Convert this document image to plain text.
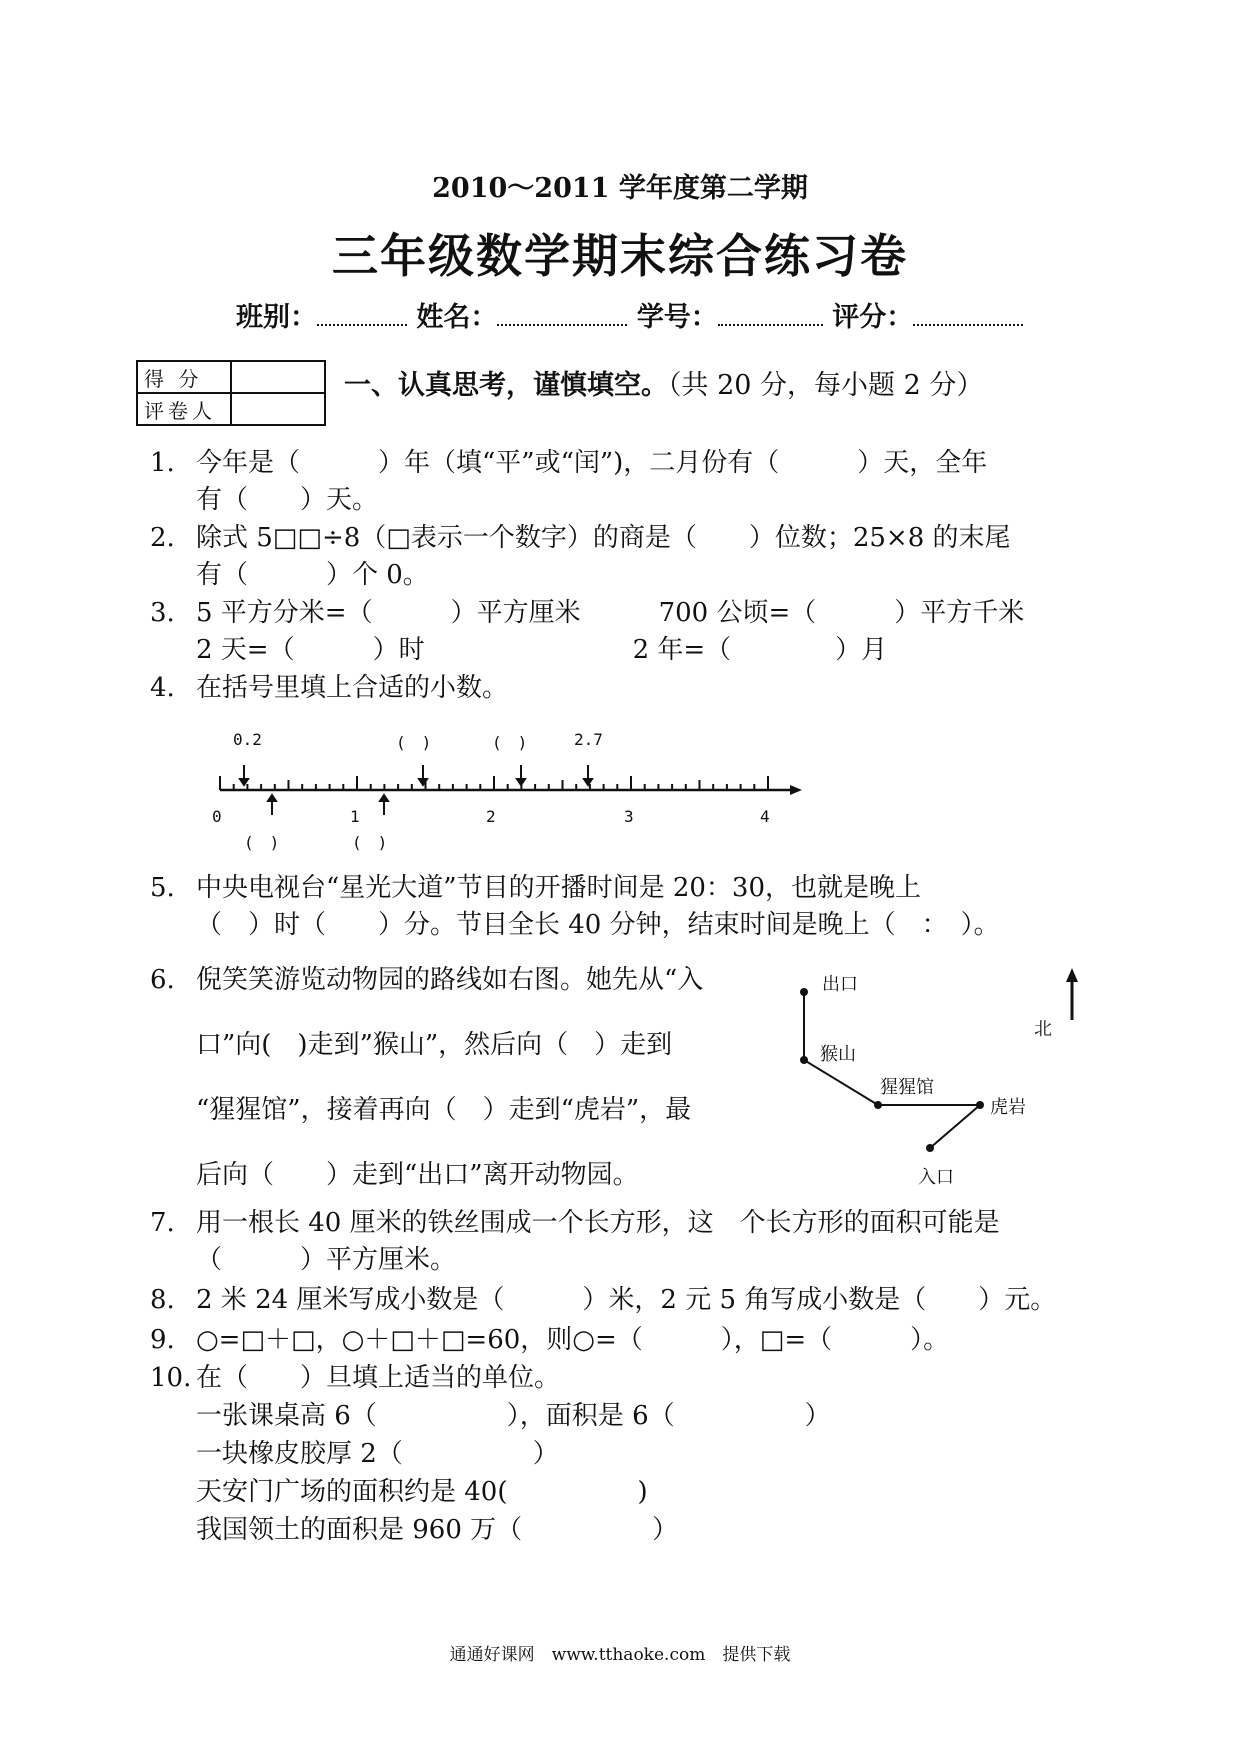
2010～2011 学年度第二学期
三年级数学期末综合练习卷
班别：	姓名：	学号：	评分：
得 分	
评卷人	
一、认真思考，谨慎填空。（共 20 分，每小题 2 分）
1. 今年是（　　　）年（填“平”或“闰”)，二月份有（　　　）天，全年
有（　　）天。
2. 除式 5□□÷8（□表示一个数字）的商是（　　）位数；25×8 的末尾
有（　　　）个 0。
3. 5 平方分米=（　　　）平方厘米　　　700 公顷=（　　　）平方千米
2 天=（　　　）时　　　　　　　　2 年=（　　　　）月
4. 在括号里填上合适的小数。
0.2	(　)	(　)	2.7
0	1	2	3	4
(　)	(　)
5. 中央电视台“星光大道”节目的开播时间是 20：30，也就是晚上
（　）时（　　）分。节目全长 40 分钟，结束时间是晚上（　：　）。
6. 倪笑笑游览动物园的路线如右图。她先从“入
口”向(　)走到”猴山”，然后向（　）走到
“猩猩馆”，接着再向（　）走到“虎岩”，最
后向（　　）走到“出口”离开动物园。
出口
猴山
猩猩馆
虎岩
入口
北
7. 用一根长 40 厘米的铁丝围成一个长方形，这　个长方形的面积可能是
（　　　）平方厘米。
8. 2 米 24 厘米写成小数是（　　　）米，2 元 5 角写成小数是（　　）元。
9. ○=□＋□，○＋□＋□=60，则○=（　　　），□=（　　　）。
10. 在（　　）旦填上适当的单位。
一张课桌高 6（　　　　　），面积是 6（　　　　　）
一块橡皮胶厚 2（　　　　　）
天安门广场的面积约是 40(　　　　　)
我国领土的面积是 960 万（　　　　　）
通通好课网　www.tthaoke.com　提供下载
